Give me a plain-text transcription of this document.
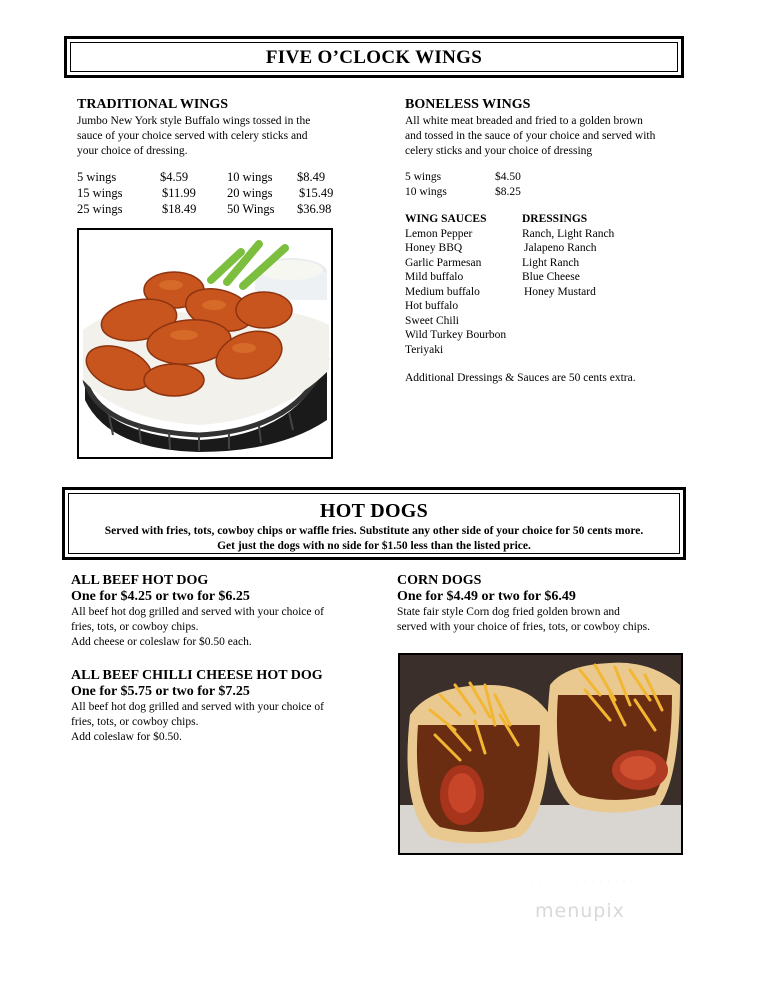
FIVE O’CLOCK WINGS
TRADITIONAL WINGS
Jumbo New York style Buffalo wings tossed in the
sauce of your choice served with celery sticks and
your choice of dressing.
5 wings	$4.59	10 wings $8.49
15 wings	$11.99 20 wings $15.49
25 wings	$18.49 50 Wings $36.98
BONELESS WINGS
All white meat breaded and fried to a golden brown
and tossed in the sauce of your choice and served with
celery sticks and your choice of dressing
5 wings	$4.50
10 wings	$8.25
WING SAUCES	DRESSINGS
Lemon Pepper	Ranch, Light Ranch
Honey BBQ	Jalapeno Ranch
Garlic Parmesan	Light Ranch
Mild buffalo	Blue Cheese
Medium buffalo	Honey Mustard
Hot buffalo
Sweet Chili
Wild Turkey Bourbon
Teriyaki
Additional Dressings & Sauces are 50 cents extra.
HOT DOGS
Served with fries, tots, cowboy chips or waffle fries. Substitute any other side of your choice for 50 cents more.
Get just the dogs with no side for $1.50 less than the listed price.
ALL BEEF HOT DOG
One for $4.25 or two for $6.25
All beef hot dog grilled and served with your choice of
fries, tots, or cowboy chips.
Add cheese or coleslaw for $0.50 each.
ALL BEEF CHILLI CHEESE HOT DOG
One for $5.75 or two for $7.25
All beef hot dog grilled and served with your choice of
fries, tots, or cowboy chips.
Add coleslaw for $0.50.
CORN DOGS
One for $4.49 or two for $6.49
State fair style Corn dog fried golden brown and
served with your choice of fries, tots, or cowboy chips.
· · · · · · · · · · · · · ·
menupix
